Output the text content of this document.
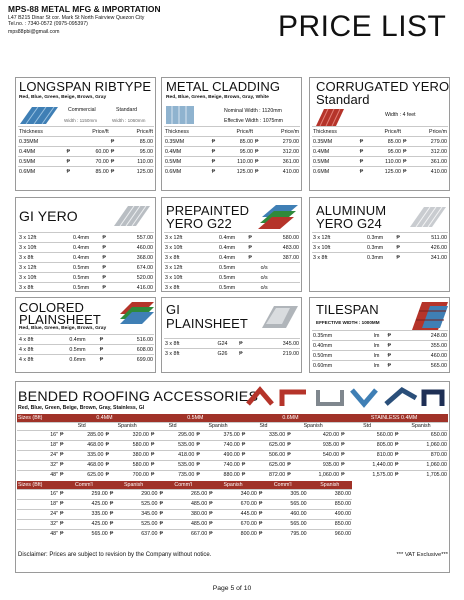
MPS-88 METAL MFG & IMPORTATION
L47 B215 Dinar St cor. Mark St North Fairview Quezon City
Tel.no. : 7340-0572 (0975-095397)
mps88pbi@gmail.com	PRICE LIST
LONGSPAN RIBTYPE
Red, Blue, Green, Beige, Brown, Gray
Commercial	Standard
Width : 1150mm	Width : 1060mm
Thickness		Price/ft		Price/ft
0.35MM			₱	85.00
0.4MM	₱	60.00	₱	95.00
0.5MM	₱	70.00	₱	110.00
0.6MM	₱	85.00	₱	125.00
METAL CLADDING
Red, Blue, Green, Beige, Brown, Gray, White
Nominal Width : 1120mm
Effective Width : 1075mm
Thickness		Price/ft		Price/m
0.35MM	₱	85.00	₱	279.00
0.4MM	₱	95.00	₱	312.00
0.5MM	₱	110.00	₱	361.00
0.6MM	₱	125.00	₱	410.00
CORRUGATED YERO
Standard
Width : 4 feet
Thickness		Price/ft		Price/m
0.35MM	₱	85.00	₱	279.00
0.4MM	₱	95.00	₱	312.00
0.5MM	₱	110.00	₱	361.00
0.6MM	₱	125.00	₱	410.00
GI YERO
3 x 12ft	0.4mm	₱	557.00
3 x 10ft	0.4mm	₱	460.00
3 x 8ft	0.4mm	₱	368.00
3 x 12ft	0.5mm	₱	674.00
3 x 10ft	0.5mm	₱	520.00
3 x 8ft	0.5mm	₱	416.00
PREPAINTED
YERO G22
3 x 12ft	0.4mm	₱	580.00
3 x 10ft	0.4mm	₱	483.00
3 x 8ft	0.4mm	₱	387.00
3 x 12ft	0.5mm		o/s
3 x 10ft	0.5mm		o/s
3 x 8ft	0.5mm		o/s
ALUMINUM
YERO G24
3 x 12ft	0.3mm	₱	511.00
3 x 10ft	0.3mm	₱	426.00
3 x 8ft	0.3mm	₱	341.00
COLORED
PLAINSHEET
Red, Blue, Green, Beige, Brown, Gray
4 x 8ft	0.4mm	₱	516.00
4 x 8ft	0.5mm	₱	608.00
4 x 8ft	0.6mm	₱	699.00
GI
PLAINSHEET
3 x 8ft	G24	₱	345.00
3 x 8ft	G26	₱	219.00
TILESPAN
EFFECTIVE WIDTH : 1000MM
0.35mm	lm	₱	248.00
0.40mm	lm	₱	355.00
0.50mm	lm	₱	460.00
0.60mm	lm	₱	565.00
BENDED ROOFING ACCESSORIES
Red, Blue, Green, Beige, Brown, Gray, Stainless, GI
Sizes (Bft)	0.4MM				0.5MM				0.6MM				STAINLESS 0.4MM			
	Std		Spanish		Std		Spanish		Std		Spanish		Std		Spanish	
16"	₱	285.00	₱	320.00	₱	295.00	₱	375.00	₱	335.00	₱	420.00	₱	560.00	₱	650.00
18"	₱	468.00	₱	580.00	₱	535.00	₱	740.00	₱	625.00	₱	935.00	₱	805.00	₱	1,060.00
24"	₱	335.00	₱	380.00	₱	418.00	₱	490.00	₱	506.00	₱	540.00	₱	810.00	₱	870.00
32"	₱	468.00	₱	580.00	₱	535.00	₱	740.00	₱	625.00	₱	935.00	₱	1,440.00	₱	1,060.00
48"	₱	625.00	₱	700.00	₱	735.00	₱	880.00	₱	872.00	₱	1,060.00	₱	1,575.00	₱	1,705.00
Sizes (Bft)	Comm'l		Spanish		Comm'l		Spanish		Comm'l		Spanish	
16"	₱	259.00	₱	290.00	₱	265.00	₱	340.00	₱	305.00		380.00
18"	₱	425.00	₱	525.00	₱	485.00	₱	670.00	₱	565.00		850.00
24"	₱	335.00	₱	345.00	₱	380.00	₱	445.00	₱	460.00		490.00
32"	₱	425.00	₱	525.00	₱	485.00	₱	670.00	₱	565.00		850.00
48"	₱	565.00	₱	637.00	₱	667.00	₱	800.00	₱	795.00		960.00
Disclaimer: Prices are subject to revision by the Company without notice.	*** VAT Exclusive***
Page 5 of 10
